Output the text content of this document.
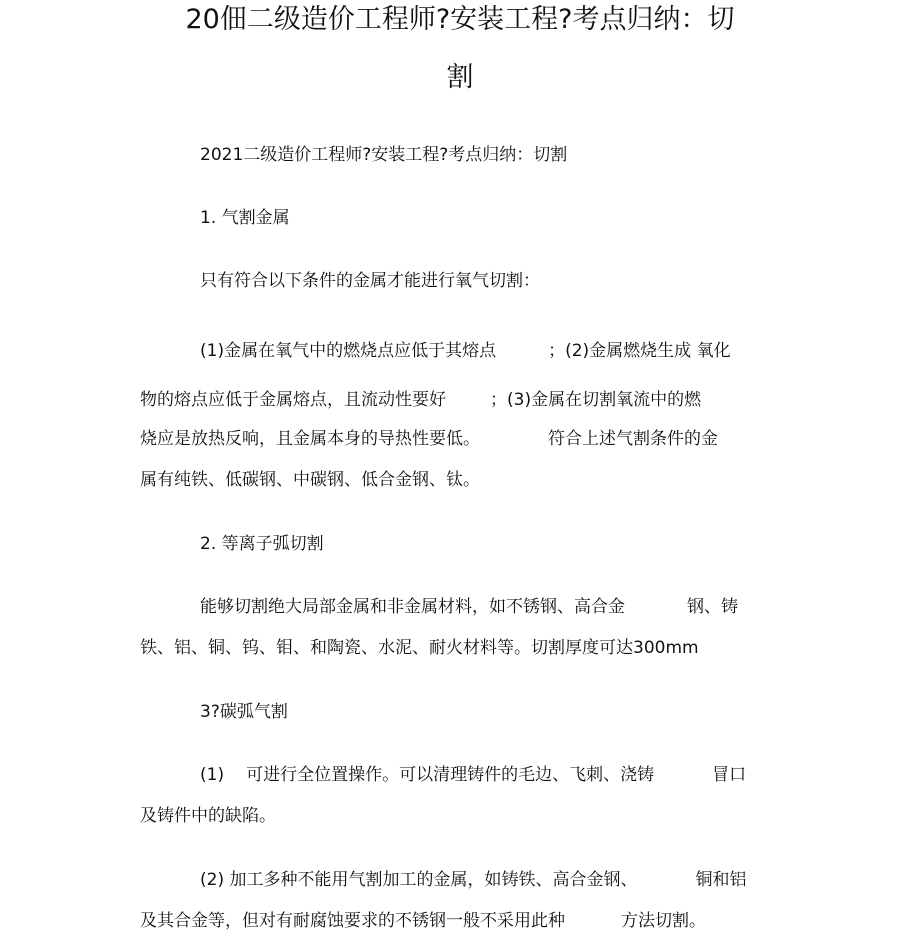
20佃二级造价工程师?安装工程?考点归纳：切
割
2021二级造价工程师?安装工程?考点归纳：切割
1. 气割金属
只有符合以下条件的金属才能进行氧气切割：
(1)金属在氧气中的燃烧点应低于其熔点	；(2)金属燃烧生成 氧化
物的熔点应低于金属熔点，且流动性要好	；(3)金属在切割氧流中的燃
烧应是放热反响，且金属本身的导热性要低。	符合上述气割条件的金
属有纯铁、低碳钢、中碳钢、低合金钢、钛。
2. 等离子弧切割
能够切割绝大局部金属和非金属材料，如不锈钢、高合金	钢、铸
铁、铝、铜、钨、钼、和陶瓷、水泥、耐火材料等。切割厚度可达300mm
3?碳弧气割
(1) 可进行全位置操作。可以清理铸件的毛边、飞刺、浇铸	冒口
及铸件中的缺陷。
(2) 加工多种不能用气割加工的金属，如铸铁、高合金钢、	铜和铝
及其合金等，但对有耐腐蚀要求的不锈钢一般不采用此种	方法切割。
